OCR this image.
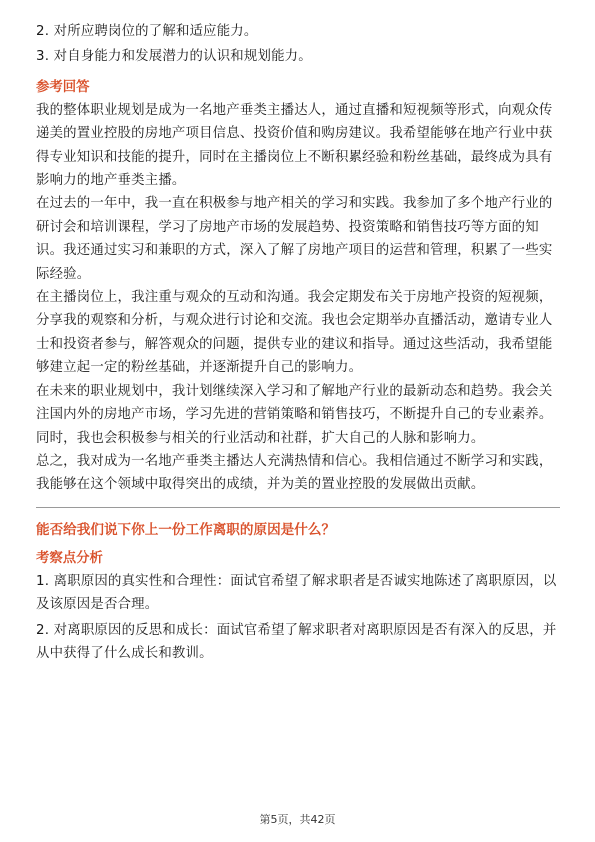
2. 对所应聘岗位的了解和适应能力。

3. 对自身能力和发展潜力的认识和规划能力。

参考回答

我的整体职业规划是成为一名地产垂类主播达人，通过直播和短视频等形式，向观众传递美的置业控股的房地产项目信息、投资价值和购房建议。我希望能够在地产行业中获得专业知识和技能的提升，同时在主播岗位上不断积累经验和粉丝基础，最终成为具有影响力的地产垂类主播。

在过去的一年中，我一直在积极参与地产相关的学习和实践。我参加了多个地产行业的研讨会和培训课程，学习了房地产市场的发展趋势、投资策略和销售技巧等方面的知识。我还通过实习和兼职的方式，深入了解了房地产项目的运营和管理，积累了一些实际经验。

在主播岗位上，我注重与观众的互动和沟通。我会定期发布关于房地产投资的短视频，分享我的观察和分析，与观众进行讨论和交流。我也会定期举办直播活动，邀请专业人士和投资者参与，解答观众的问题，提供专业的建议和指导。通过这些活动，我希望能够建立起一定的粉丝基础，并逐渐提升自己的影响力。

在未来的职业规划中，我计划继续深入学习和了解地产行业的最新动态和趋势。我会关注国内外的房地产市场，学习先进的营销策略和销售技巧，不断提升自己的专业素养。同时，我也会积极参与相关的行业活动和社群，扩大自己的人脉和影响力。

总之，我对成为一名地产垂类主播达人充满热情和信心。我相信通过不断学习和实践，我能够在这个领域中取得突出的成绩，并为美的置业控股的发展做出贡献。

能否给我们说下你上一份工作离职的原因是什么？
考察点分析

1. 离职原因的真实性和合理性：面试官希望了解求职者是否诚实地陈述了离职原因，以及该原因是否合理。

2. 对离职原因的反思和成长：面试官希望了解求职者对离职原因是否有深入的反思，并从中获得了什么成长和教训。

第5页，共42页
